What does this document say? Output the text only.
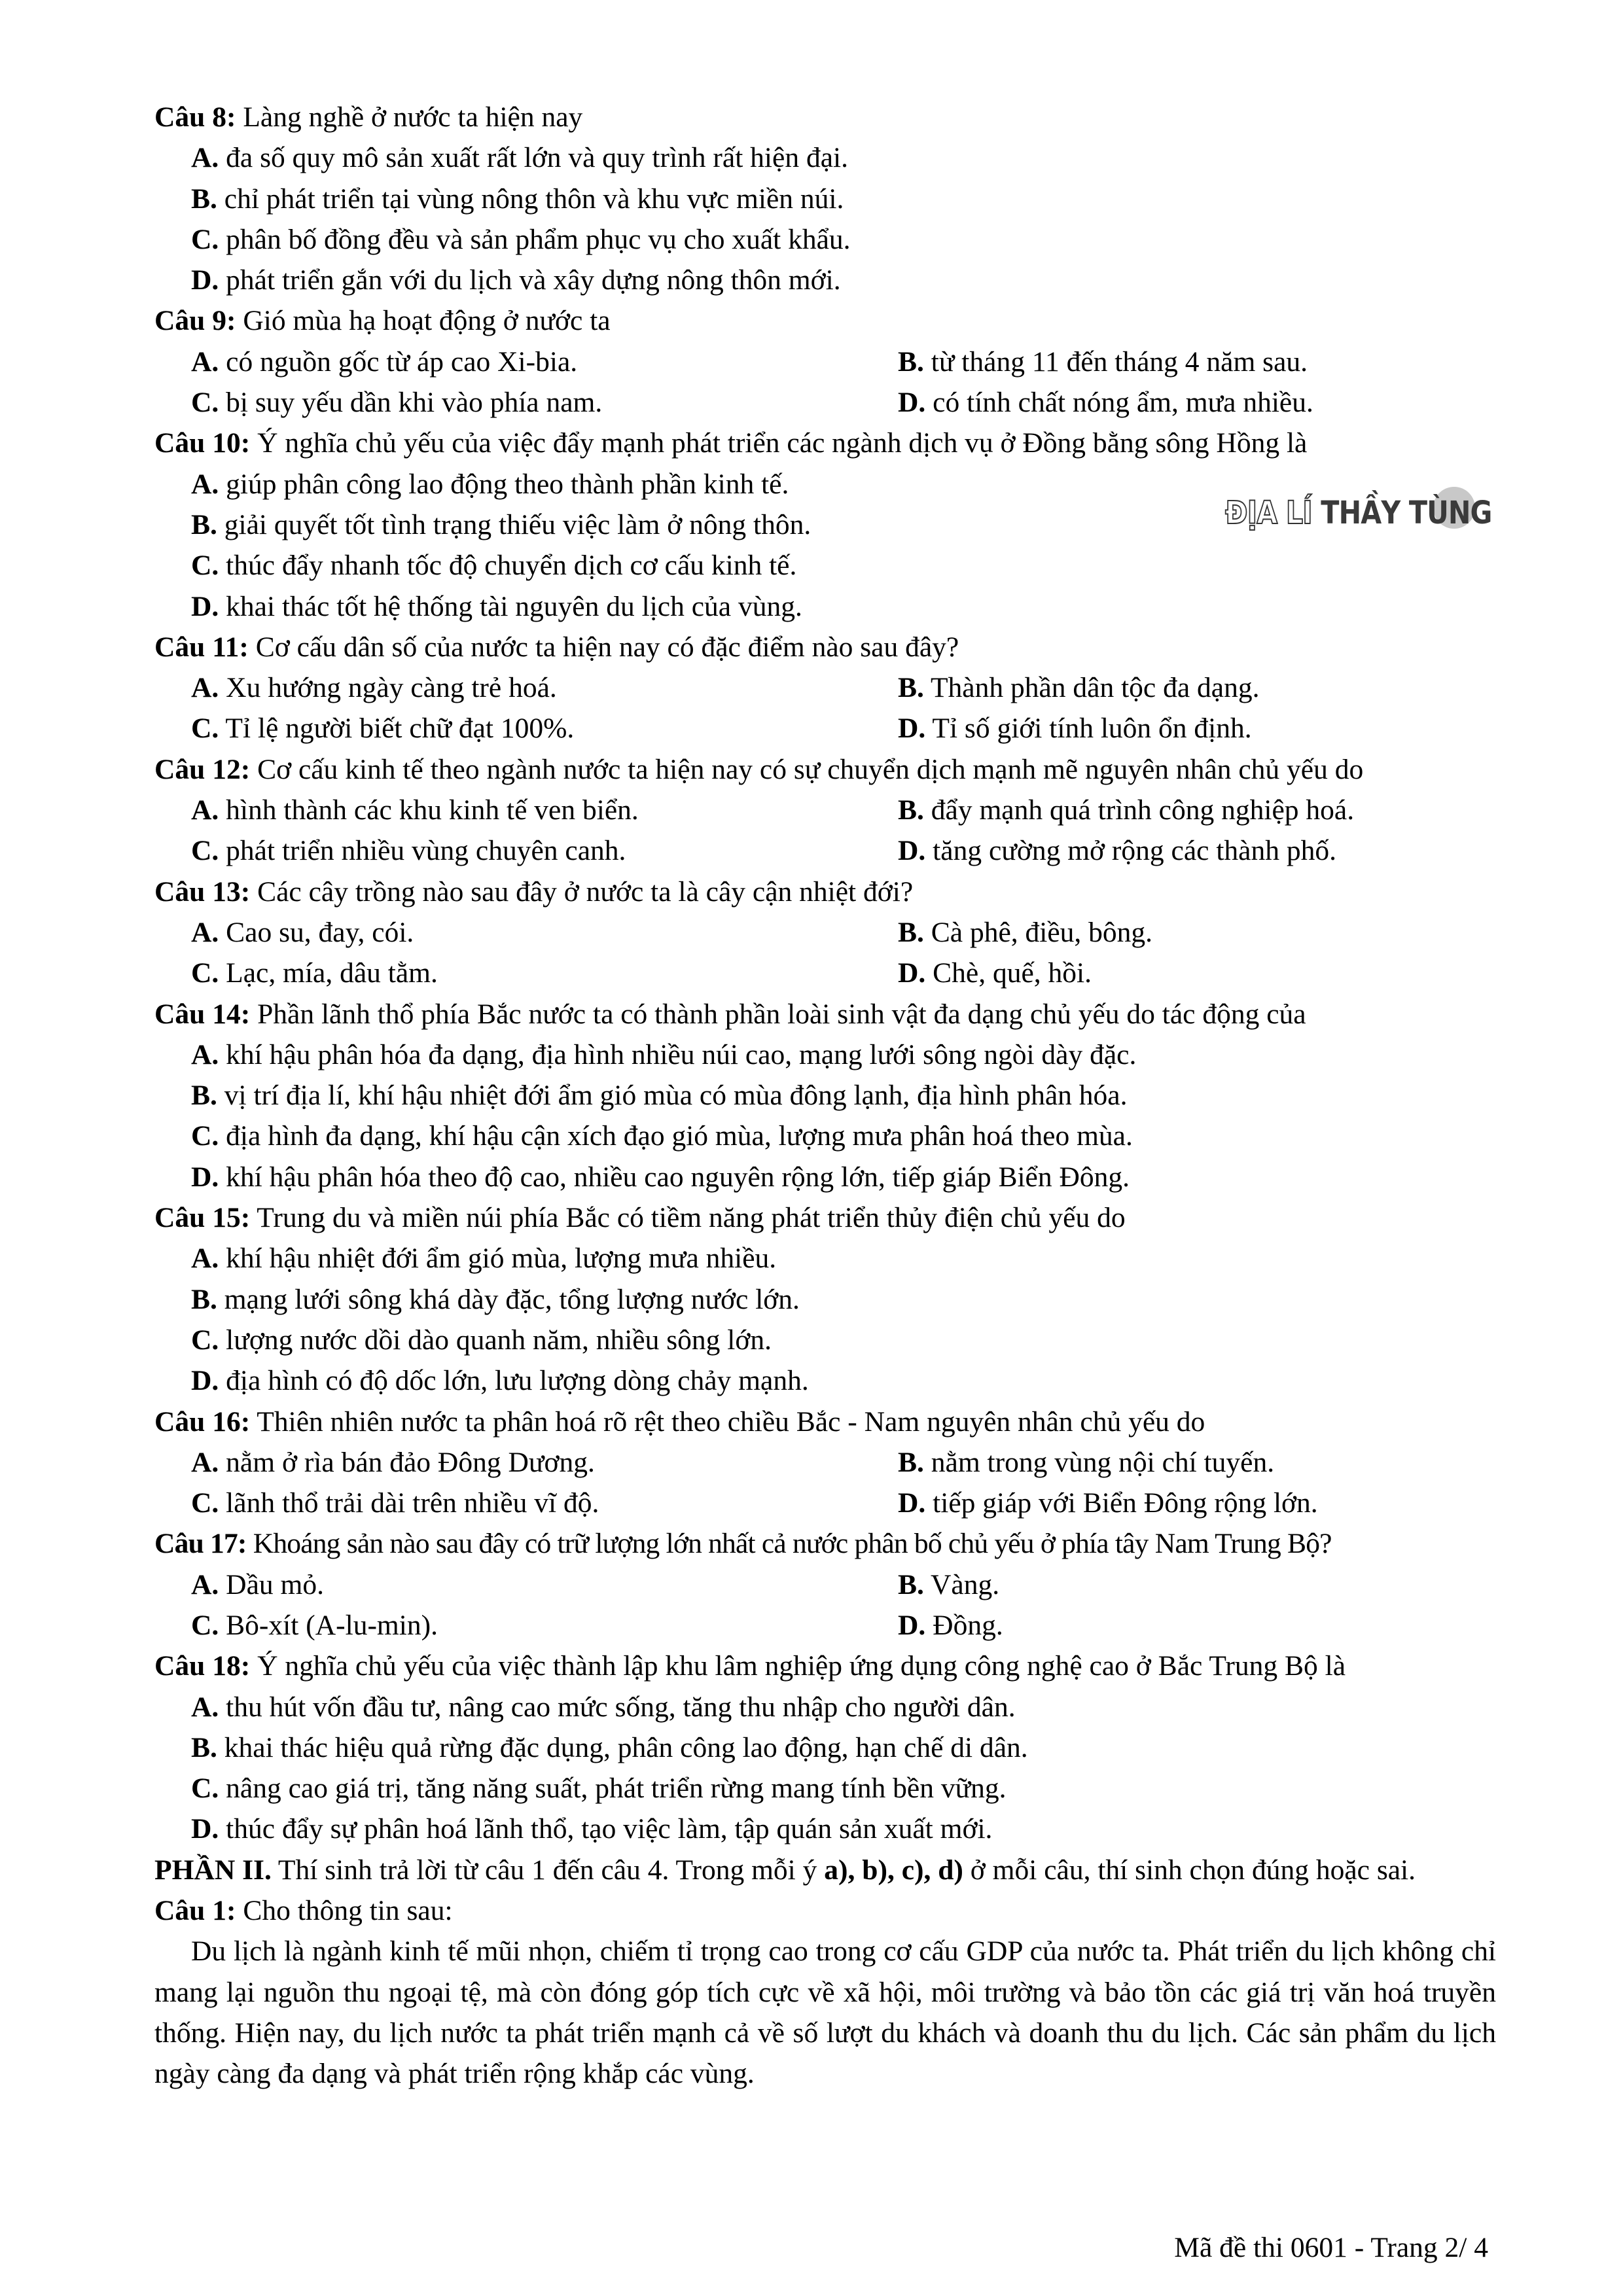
Câu 8: Làng nghề ở nước ta hiện nay
A. đa số quy mô sản xuất rất lớn và quy trình rất hiện đại.
B. chỉ phát triển tại vùng nông thôn và khu vực miền núi.
C. phân bố đồng đều và sản phẩm phục vụ cho xuất khẩu.
D. phát triển gắn với du lịch và xây dựng nông thôn mới.
Câu 9: Gió mùa hạ hoạt động ở nước ta
A. có nguồn gốc từ áp cao Xi-bia.	B. từ tháng 11 đến tháng 4 năm sau.
C. bị suy yếu dần khi vào phía nam.	D. có tính chất nóng ẩm, mưa nhiều.
Câu 10: Ý nghĩa chủ yếu của việc đẩy mạnh phát triển các ngành dịch vụ ở Đồng bằng sông Hồng là
A. giúp phân công lao động theo thành phần kinh tế.
B. giải quyết tốt tình trạng thiếu việc làm ở nông thôn.
C. thúc đẩy nhanh tốc độ chuyển dịch cơ cấu kinh tế.
D. khai thác tốt hệ thống tài nguyên du lịch của vùng.
Câu 11: Cơ cấu dân số của nước ta hiện nay có đặc điểm nào sau đây?
A. Xu hướng ngày càng trẻ hoá.	B. Thành phần dân tộc đa dạng.
C. Tỉ lệ người biết chữ đạt 100%.	D. Tỉ số giới tính luôn ổn định.
Câu 12: Cơ cấu kinh tế theo ngành nước ta hiện nay có sự chuyển dịch mạnh mẽ nguyên nhân chủ yếu do
A. hình thành các khu kinh tế ven biển.	B. đẩy mạnh quá trình công nghiệp hoá.
C. phát triển nhiều vùng chuyên canh.	D. tăng cường mở rộng các thành phố.
Câu 13: Các cây trồng nào sau đây ở nước ta là cây cận nhiệt đới?
A. Cao su, đay, cói.	B. Cà phê, điều, bông.
C. Lạc, mía, dâu tằm.	D. Chè, quế, hồi.
Câu 14: Phần lãnh thổ phía Bắc nước ta có thành phần loài sinh vật đa dạng chủ yếu do tác động của
A. khí hậu phân hóa đa dạng, địa hình nhiều núi cao, mạng lưới sông ngòi dày đặc.
B. vị trí địa lí, khí hậu nhiệt đới ẩm gió mùa có mùa đông lạnh, địa hình phân hóa.
C. địa hình đa dạng, khí hậu cận xích đạo gió mùa, lượng mưa phân hoá theo mùa.
D. khí hậu phân hóa theo độ cao, nhiều cao nguyên rộng lớn, tiếp giáp Biển Đông.
Câu 15: Trung du và miền núi phía Bắc có tiềm năng phát triển thủy điện chủ yếu do
A. khí hậu nhiệt đới ẩm gió mùa, lượng mưa nhiều.
B. mạng lưới sông khá dày đặc, tổng lượng nước lớn.
C. lượng nước dồi dào quanh năm, nhiều sông lớn.
D. địa hình có độ dốc lớn, lưu lượng dòng chảy mạnh.
Câu 16: Thiên nhiên nước ta phân hoá rõ rệt theo chiều Bắc - Nam nguyên nhân chủ yếu do
A. nằm ở rìa bán đảo Đông Dương.	B. nằm trong vùng nội chí tuyến.
C. lãnh thổ trải dài trên nhiều vĩ độ.	D. tiếp giáp với Biển Đông rộng lớn.
Câu 17: Khoáng sản nào sau đây có trữ lượng lớn nhất cả nước phân bố chủ yếu ở phía tây Nam Trung Bộ?
A. Dầu mỏ.	B. Vàng.
C. Bô-xít (A-lu-min).	D. Đồng.
Câu 18: Ý nghĩa chủ yếu của việc thành lập khu lâm nghiệp ứng dụng công nghệ cao ở Bắc Trung Bộ là
A. thu hút vốn đầu tư, nâng cao mức sống, tăng thu nhập cho người dân.
B. khai thác hiệu quả rừng đặc dụng, phân công lao động, hạn chế di dân.
C. nâng cao giá trị, tăng năng suất, phát triển rừng mang tính bền vững.
D. thúc đẩy sự phân hoá lãnh thổ, tạo việc làm, tập quán sản xuất mới.
PHẦN II. Thí sinh trả lời từ câu 1 đến câu 4. Trong mỗi ý a), b), c), d) ở mỗi câu, thí sinh chọn đúng hoặc sai.
Câu 1: Cho thông tin sau:
Du lịch là ngành kinh tế mũi nhọn, chiếm tỉ trọng cao trong cơ cấu GDP của nước ta. Phát triển du lịch không chỉ mang lại nguồn thu ngoại tệ, mà còn đóng góp tích cực về xã hội, môi trường và bảo tồn các giá trị văn hoá truyền thống. Hiện nay, du lịch nước ta phát triển mạnh cả về số lượt du khách và doanh thu du lịch. Các sản phẩm du lịch ngày càng đa dạng và phát triển rộng khắp các vùng.
ĐỊA LÍ THẦY TÙNG
Mã đề thi 0601 - Trang 2/ 4
